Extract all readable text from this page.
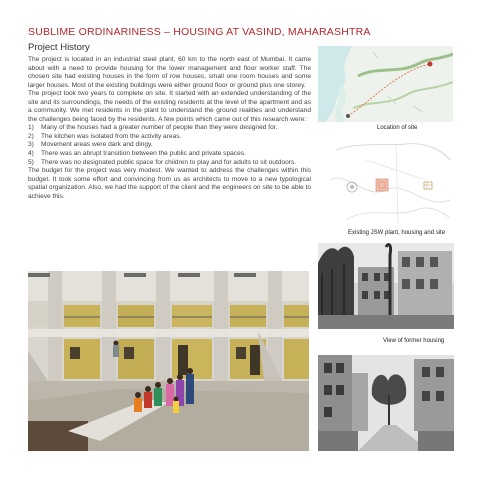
SUBLIME ORDINARINESS – HOUSING AT VASIND, MAHARASHTRA
Project History

The project is located in an industrial steel plant, 60 km to the north east of Mumbai. It came about with a need to provide housing for the lower management and floor worker staff. The chosen site had existing houses in the form of row houses, small one room houses and some larger houses. Most of the existing buildings were either ground floor or ground plus one storey.

The project took two years to complete on site. It started with an extended understanding of the site and its surroundings, the needs of the existing residents at the level of the apartment and as a community. We met residents in the plant to understand the ground realities and understand the challenges being faced by the residents. A few points which came out of this research were:

1) Many of the houses had a greater number of people than they were designed for.
2) The kitchen was isolated from the activity areas.
3) Movement areas were dark and dingy.
4) There was an abrupt transition between the public and private spaces.
5) There was no designated public space for children to play and for adults to sit outdoors.

The budget for the project was very modest. We wanted to address the challenges within this budget. It took some effort and convincing from us as architects to move to a new typological spatial organization. Also, we had the support of the client and the engineers on site to be able to achieve this.

Location of site
Existing JSW plant, housing and site
View of former housing
